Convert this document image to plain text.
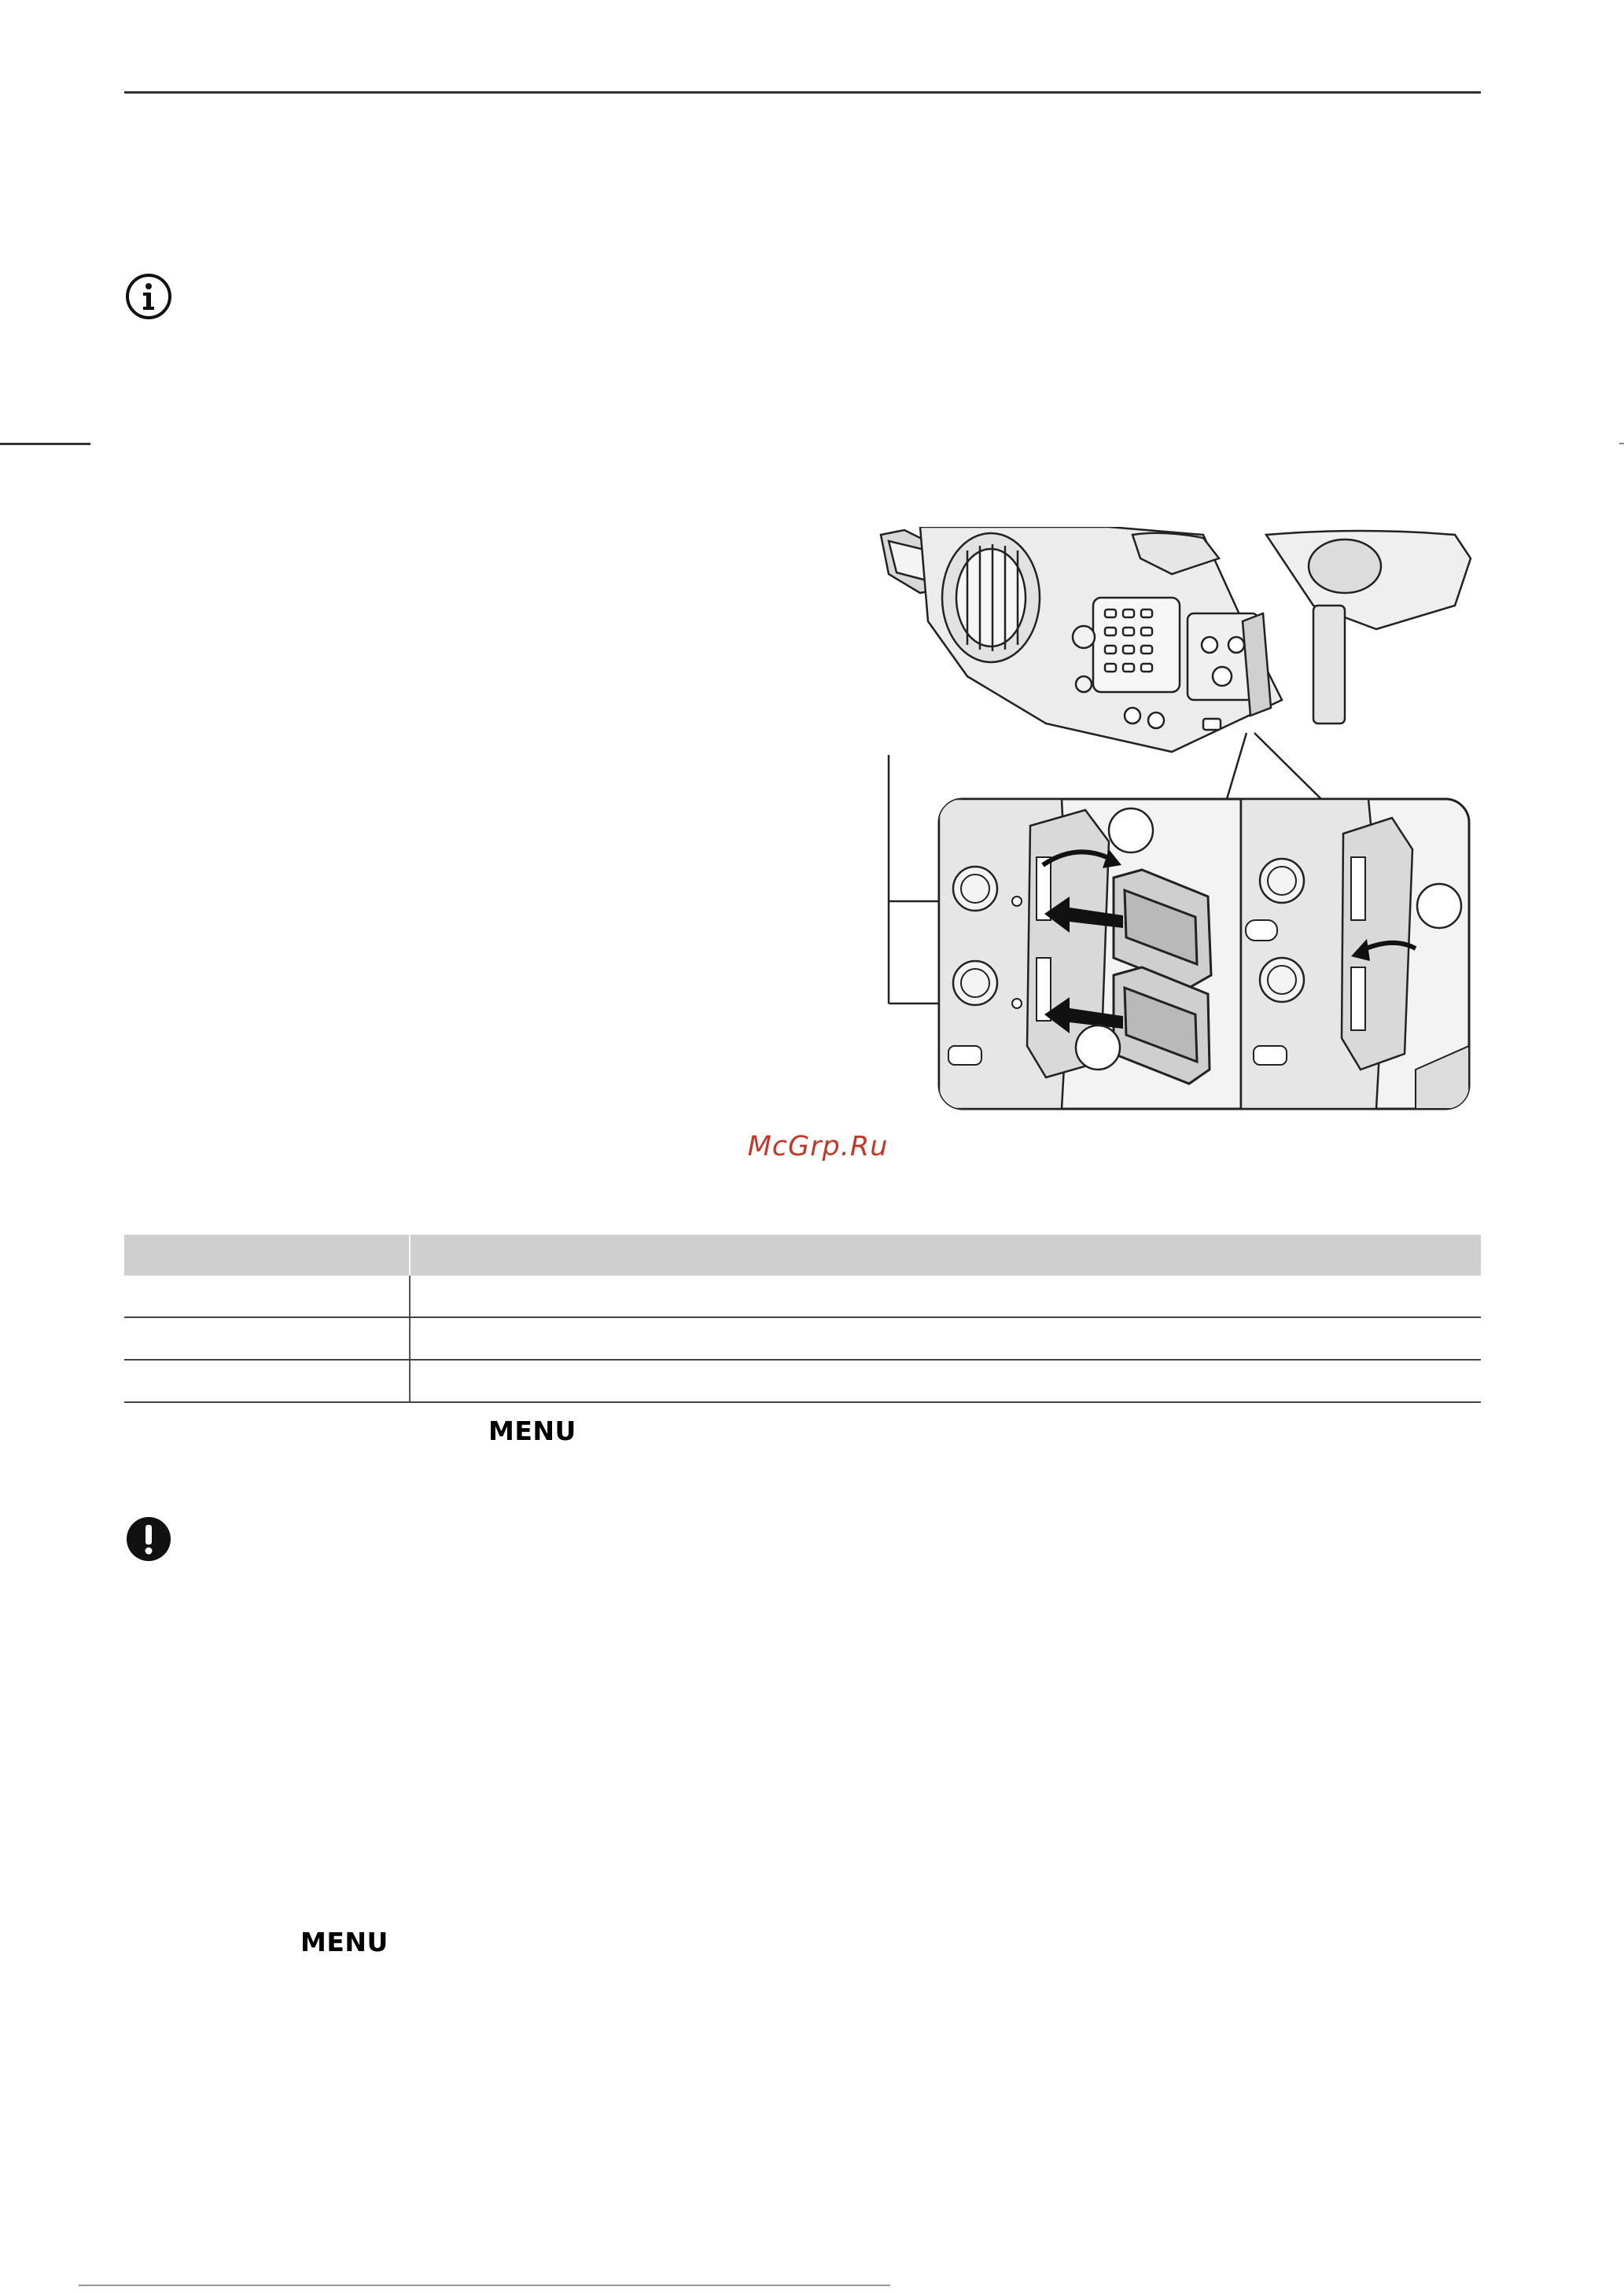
McGrp.Ru
MENU
MENU
